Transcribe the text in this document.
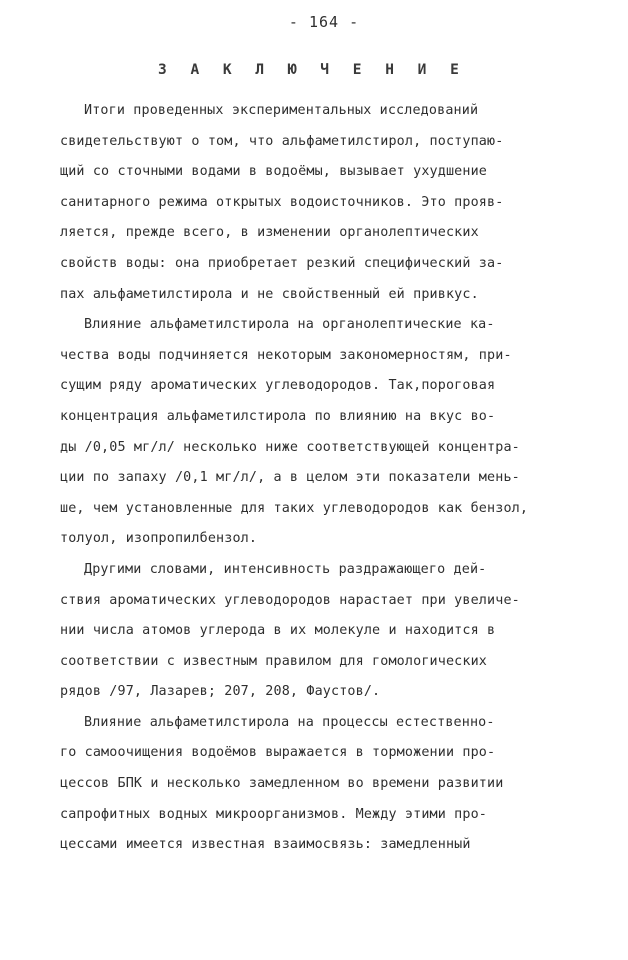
- 164 -
З А К Л Ю Ч Е Н И Е
Итоги проведенных экспериментальных исследований
свидетельствуют о том, что альфаметилстирол, поступаю-
щий со сточными водами в водоёмы, вызывает ухудшение
санитарного режима открытых водоисточников. Это прояв-
ляется, прежде всего, в изменении органолептических
свойств воды: она приобретает резкий специфический за-
пах альфаметилстирола и не свойственный ей привкус.
Влияние альфаметилстирола на органолептические ка-
чества воды подчиняется некоторым закономерностям, при-
сущим ряду ароматических углеводородов. Так,пороговая
концентрация альфаметилстирола по влиянию на вкус во-
ды /0,05 мг/л/ несколько ниже соответствующей концентра-
ции по запаху /0,1 мг/л/, а в целом эти показатели мень-
ше, чем установленные для таких углеводородов как бензол,
толуол, изопропилбензол.
Другими словами, интенсивность раздражающего дей-
ствия ароматических углеводородов нарастает при увеличе-
нии числа атомов углерода в их молекуле и находится в
соответствии с известным правилом для гомологических
рядов /97, Лазарев; 207, 208, Фаустов/.
Влияние альфаметилстирола на процессы естественно-
го самоочищения водоёмов выражается в торможении про-
цессов БПК и несколько замедленном во времени развитии
сапрофитных водных микроорганизмов. Между этими про-
цессами имеется известная взаимосвязь: замедленный
